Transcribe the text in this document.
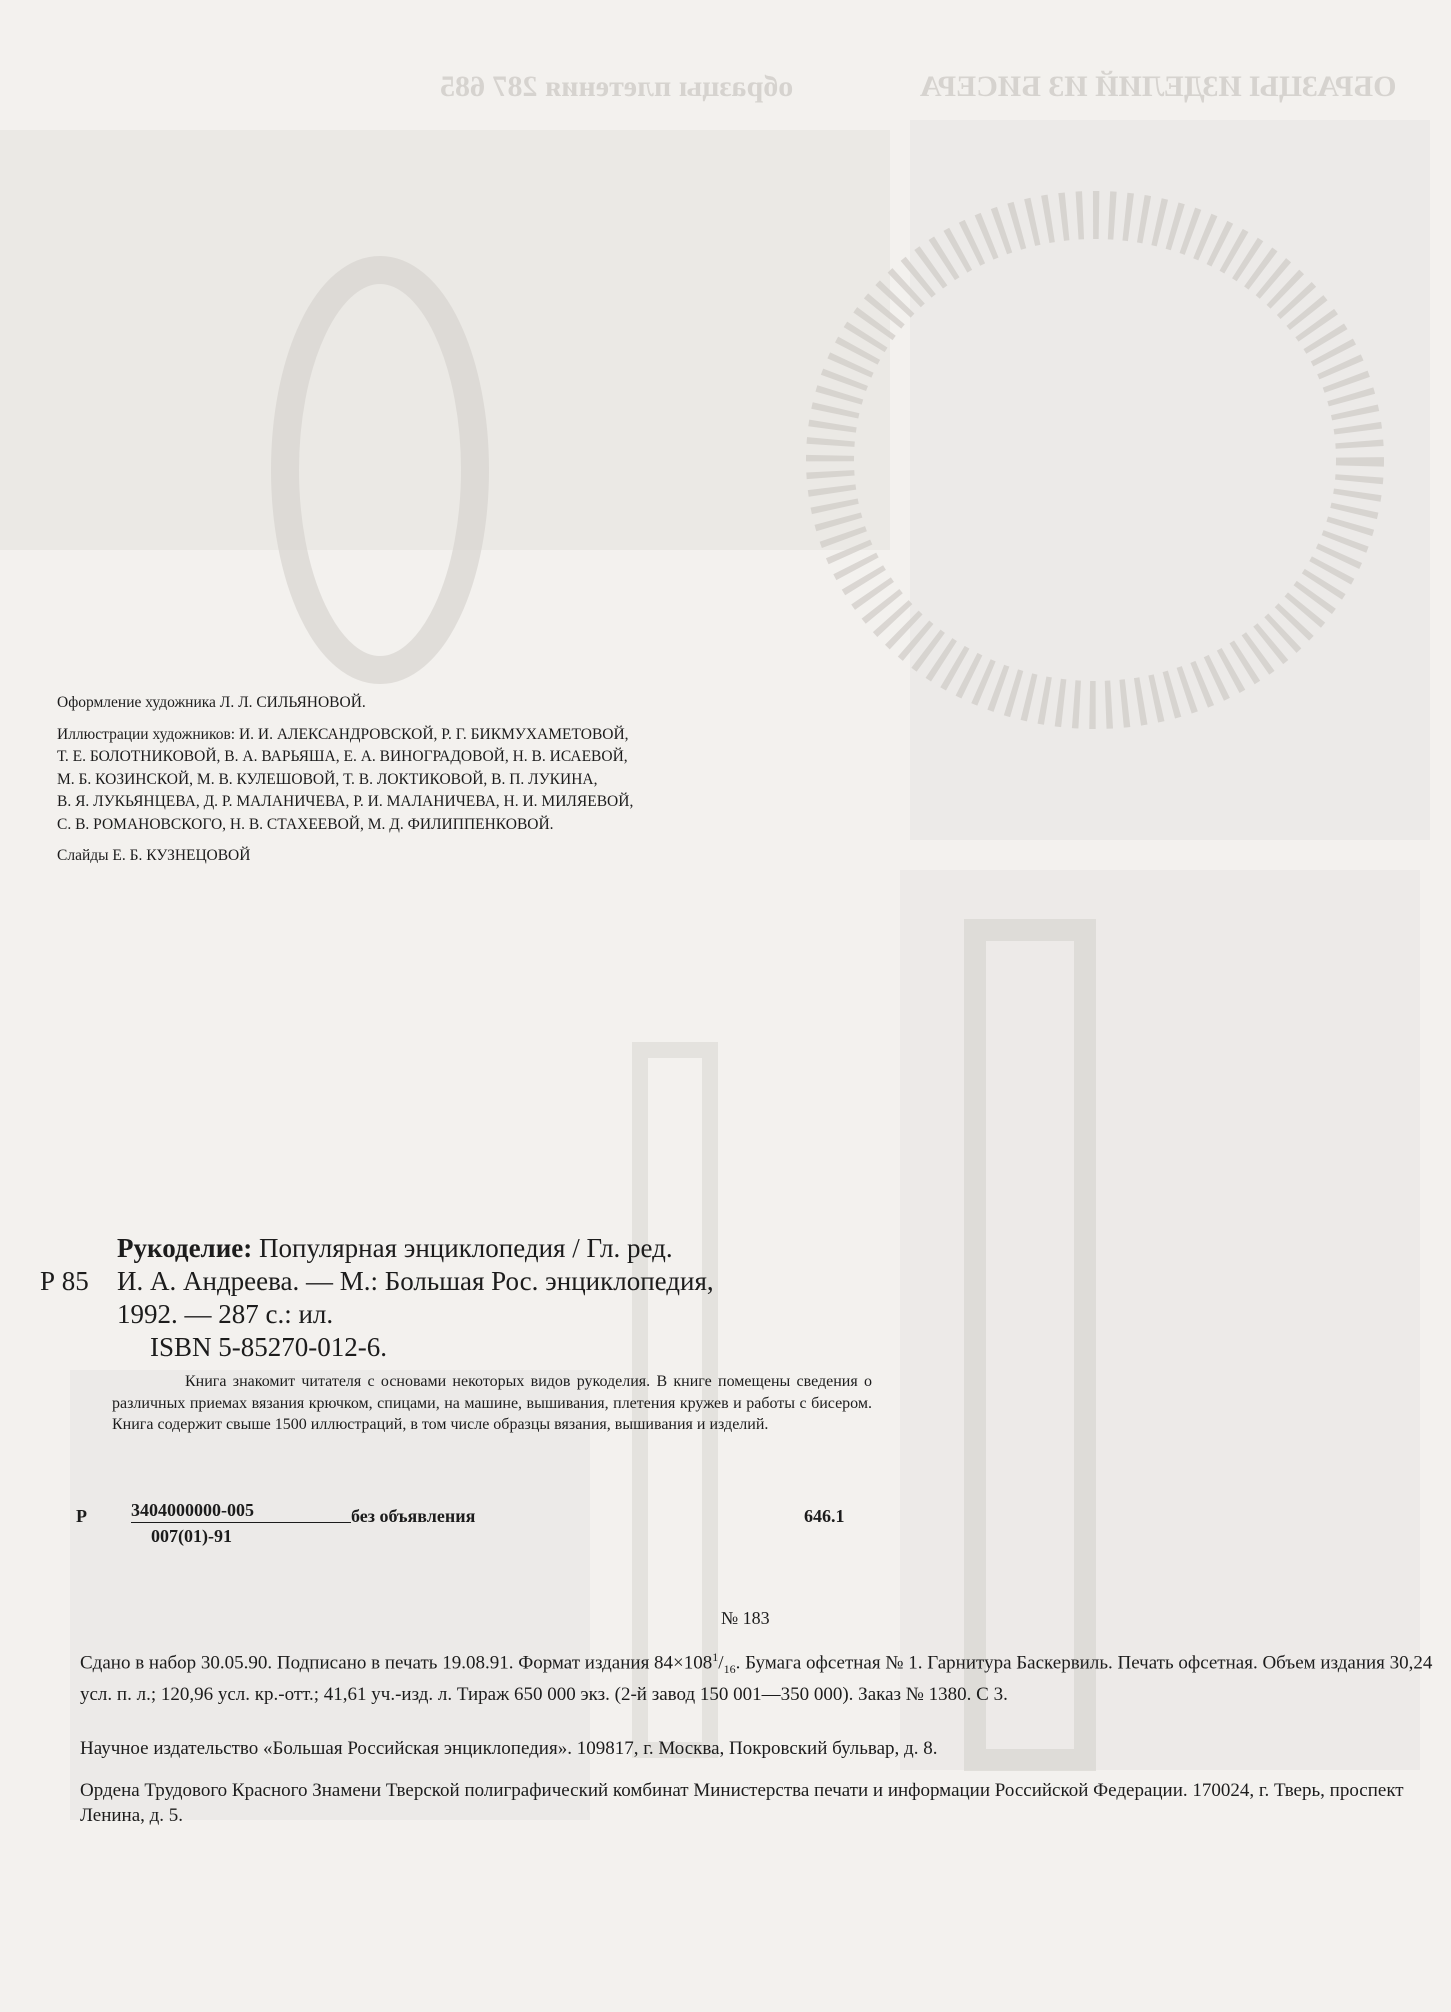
ОБРАЗЦЫ ИЗДЕЛИЙ ИЗ БИСЕРА
образцы плетения 287 685

Оформление художника Л. Л. СИЛЬЯНОВОЙ.

Иллюстрации художников: И. И. АЛЕКСАНДРОВСКОЙ, Р. Г. БИКМУХАМЕТОВОЙ,

Т. Е. БОЛОТНИКОВОЙ, В. А. ВАРЬЯША, Е. А. ВИНОГРАДОВОЙ, Н. В. ИСАЕВОЙ,

М. Б. КОЗИНСКОЙ, М. В. КУЛЕШОВОЙ, Т. В. ЛОКТИКОВОЙ, В. П. ЛУКИНА,

В. Я. ЛУКЬЯНЦЕВА, Д. Р. МАЛАНИЧЕВА, Р. И. МАЛАНИЧЕВА, Н. И. МИЛЯЕВОЙ,

С. В. РОМАНОВСКОГО, Н. В. СТАХЕЕВОЙ, М. Д. ФИЛИППЕНКОВОЙ.

Слайды Е. Б. КУЗНЕЦОВОЙ

Рукоделие: Популярная энциклопедия / Гл. ред.
Р 85 И. А. Андреева. — М.: Большая Рос. энциклопедия,
1992. — 287 с.: ил.
ISBN 5-85270-012-6.
Книга знакомит читателя с основами некоторых видов рукоделия. В книге помещены сведения о различных приемах вязания крючком, спицами, на машине, вышивания, плетения кружев и работы с бисером. Книга содержит свыше 1500 иллюстраций, в том числе образцы вязания, вышивания и изделий.
Р $\frac{3404000000-005}{007(01)-91}$ без объявления	646.1
№ 183

Сдано в набор 30.05.90. Подписано в печать 19.08.91. Формат издания $84\times 108^1/_{16}$. Бумага офсетная № 1. Гарнитура Баскервиль. Печать офсетная. Объем издания 30,24 усл. п. л.; 120,96 усл. кр.-отт.; 41,61 уч.-изд. л. Тираж 650 000 экз. (2-й завод 150 001—350 000). Заказ № 1380. С 3.

Научное издательство «Большая Российская энциклопедия». 109817, г. Москва, Покровский бульвар, д. 8.
Ордена Трудового Красного Знамени Тверской полиграфический комбинат Министерства печати и информации Российской Федерации. 170024, г. Тверь, проспект Ленина, д. 5.
